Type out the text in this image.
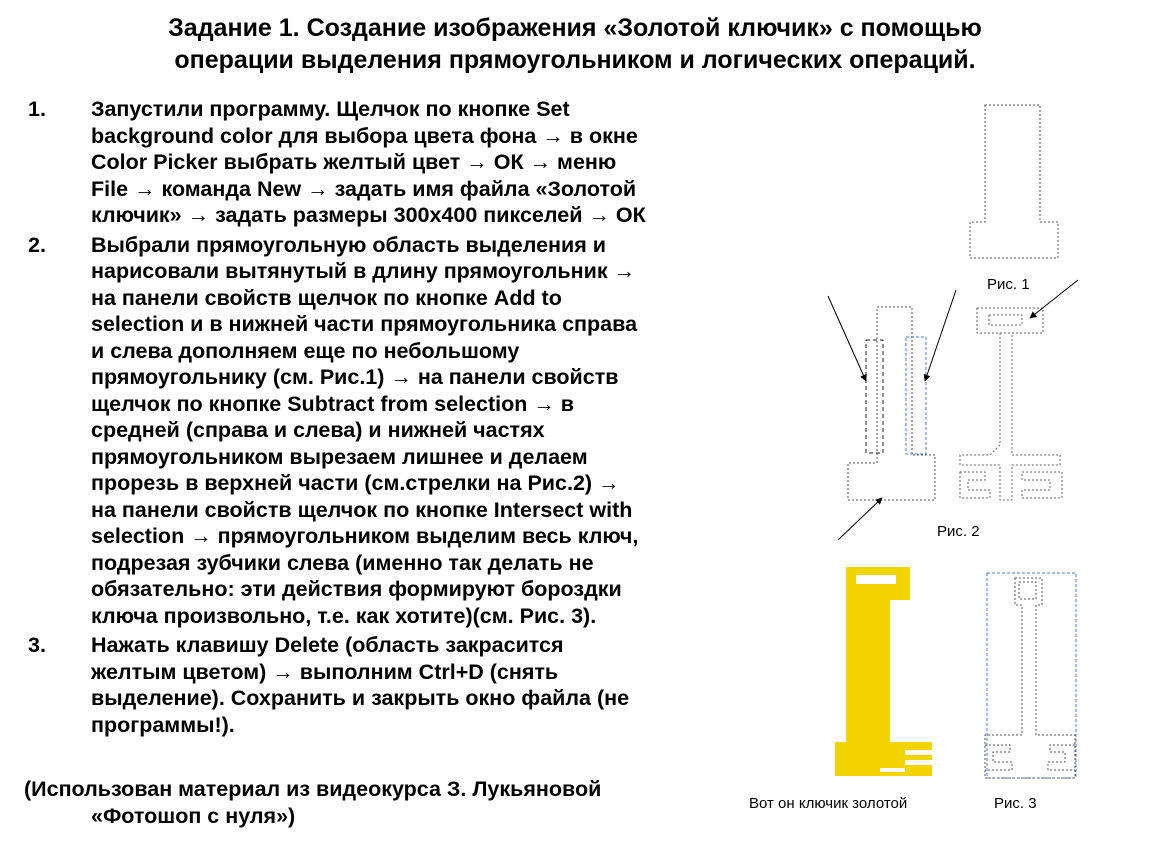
Задание 1. Создание изображения «Золотой ключик» с помощью
операции выделения прямоугольником и логических операций.
1. Запустили программу. Щелчок по кнопке Set
background color для выбора цвета фона → в окне
Color Picker выбрать желтый цвет → ОК → меню
File → команда New → задать имя файла «Золотой
ключик» → задать размеры 300x400 пикселей → ОК
2. Выбрали прямоугольную область выделения и
нарисовали вытянутый в длину прямоугольник →
на панели свойств щелчок по кнопке Add to
selection и в нижней части прямоугольника справа
и слева дополняем еще по небольшому
прямоугольнику (см. Рис.1) → на панели свойств
щелчок по кнопке Subtract from selection → в
средней (справа и слева) и нижней частях
прямоугольником вырезаем лишнее и делаем
прорезь в верхней части (см.стрелки на Рис.2) →
на панели свойств щелчок по кнопке Intersect with
selection → прямоугольником выделим весь ключ,
подрезая зубчики слева (именно так делать не
обязательно: эти действия формируют бороздки
ключа произвольно, т.е. как хотите)(см. Рис. 3).
3. Нажать клавишу Delete (область закрасится
желтым цветом) → выполним Ctrl+D (снять
выделение). Сохранить и закрыть окно файла (не
программы!).
(Использован материал из видеокурса З. Лукьяновой
«Фотошоп с нуля»)
Рис. 1
Рис. 2
Вот он ключик золотой	Рис. 3
